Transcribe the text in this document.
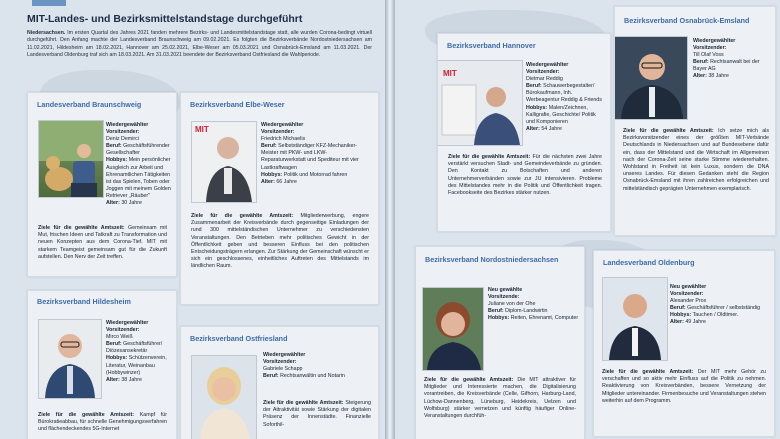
MIT-Landes- und Bezirksmittelstandstage durchgeführt
Niedersachsen. Im ersten Quartal des Jahres 2021 fanden mehrere Bezirks- und Landesmittelstandstage statt, alle wurden Corona-bedingt virtuell durchgeführt. Den Anfang machte der Landesverband Braunschweig am 09.02.2021. Es folgten die Bezirksverbände Nordostniedersachsen am 11.02.2021, Hildesheim am 18.02.2021, Hannover am 25.02.2021, Elbe-Weser am 05.03.2021 und Osnabrück-Emsland am 11.03.2021. Der Landesverband Oldenburg traf sich am 18.03.2021. Am 31.03.2021 beendete der Bezirksverband Ostfriesland die Wahlperiode.
Landesverband Braunschweig
Wiedergewählter
Vorsitzender:
Deniz Demirci
Beruf: Geschäftsführender Gesellschafter
Hobbys: Mein persönlicher Ausgleich zur Arbeit und Ehrenamtlichen Tätigkeiten ist das Spielen, Toben oder Joggen mit meinem Golden Retriever „Räuber"
Alter: 30 Jahre
Ziele für die gewählte Amtszeit: Gemeinsam mit Mut, frischen Ideen und Tatkraft zu Transformation und neuen Konzepten aus dem Corona-Tief. MIT mit starkem Teamgeist gemeinsam gut für die Zukunft aufstellen. Den Nerv der Zeit treffen.
Bezirksverband Elbe-Weser
MIT	Wiedergewählter
Vorsitzender:
Friedrich Michaelis
Beruf: Selbstständiger KFZ-Mechaniker-Meister mit PKW- und LKW-Reparaturwerkstatt und Spediteur mit vier Lastkraftwagen
Hobbys: Politik und Motorrad fahren
Alter: 66 Jahre
Ziele für die gewählte Amtszeit: Mitgliederwerbung, engere Zusammenarbeit der Kreisverbände durch gegenseitige Einladungen der rund 300 mittelständischen Unternehmer zu verschiedensten Veranstaltungen. Den Betrieben mehr politisches Gewicht in der Öffentlichkeit geben und besseren Einfluss bei den politischen Entscheidungsträgern erlangen. Zur Stärkung der Gemeinschaft wünscht er sich ein geschlossenes, einheitliches Auftreten des Mittelstands im ländlichen Raum.
Bezirksverband Hildesheim
Wiedergewählter
Vorsitzender:
Mirco Weiß
Beruf: Geschäftsführer/ Diözesansekretär
Hobbys: Schützenverein, Literatur, Weinanbau (Hobbywinzer)
Alter: 38 Jahre
Ziele für die gewählte Amtszeit: Kampf für Bürokratieabbau, für schnelle Genehmigungsverfahren und flächendeckendes 5G-Internet
Bezirksverband Ostfriesland
Wiedergewählter
Vorsitzender:
Gabriele Schapp
Beruf: Rechtsanwältin und Notarin
Ziele für die gewählte Amtszeit: Steigerung der Attraktivität sowie Stärkung der digitalen Präsenz der Innenstädte. Finanzielle Soforthil-
Bezirksverband Hannover
MIT
Wiedergewählter
Vorsitzender:
Dietmar Reddig
Beruf: Schauwerbegestalter/ Bürokaufmann, Inh. Werbeagentur Reddig & Friends
Hobbys: Malen/Zeichnen, Kalligrafie, Geschichte/ Politik und Komponieren
Alter: 54 Jahre
Ziele für die gewählte Amtszeit: Für die nächsten zwei Jahre verstärkt versuchen Stadt- und Gemeindeverbände zu gründen. Den Kontakt zu Botschaften und anderen Unternehmerverbänden sowie zur JU intensivieren. Probleme des Mittelstandes mehr in die Politik und Öffentlichkeit tragen. Facebookseite des Bezirkes stärker nutzen.
Bezirksverband Osnabrück-Emsland
Wiedergewählter
Vorsitzender:
Till Olaf Voss
Beruf: Rechtsanwalt bei der Bayer AG
Alter: 38 Jahre
Ziele für die gewählte Amtszeit: Ich setze mich als Bezirksvorsitzender eines der größten MIT-Verbände Deutschlands in Niedersachsen und auf Bundesebene dafür ein, dass der Mittelstand und die Wirtschaft im Allgemeinen nach der Corona-Zeit seine starke Stimme wiedererhalten. Wohlstand in Freiheit ist kein Luxus, sondern die DNA unseres Landes. Für diesen Gedanken steht die Region Osnabrück-Emsland mit ihren zahlreichen erfolgreichen und mittelständisch geprägten Unternehmen exemplarisch.
Bezirksverband Nordostniedersachsen
Neu gewählte
Vorsitzende:
Juliane von der Ohe
Beruf: Diplom-Landwirtin
Hobbys: Reiten, Ehrenamt, Computer
Ziele für die gewählte Amtszeit: Die MIT attraktiver für Mitglieder und Interessierte machen, die Digitalisierung vorantreiben, die Kreisverbände (Celle, Gifhorn, Harburg-Land, Lüchow-Dannenberg, Lüneburg, Heidekreis, Uelzen und Wolfsburg) stärker vernetzen und künftig häufiger Online-Veranstaltungen durchfüh-
Landesverband Oldenburg
Neu gewählter
Vorsitzender:
Alexander Prox
Beruf: Geschäftsführer / selbstständig
Hobbys: Tauchen / Oldtimer.
Alter: 49 Jahre
Ziele für die gewählte Amtszeit: Der MIT mehr Gehör zu verschaffen und so aktiv mehr Einfluss auf die Politik zu nehmen. Reaktivierung von Kreisverbänden, bessere Vernetzung der Mitglieder untereinander. Firmenbesuche und Veranstaltungen stehen weiterhin auf dem Programm.
